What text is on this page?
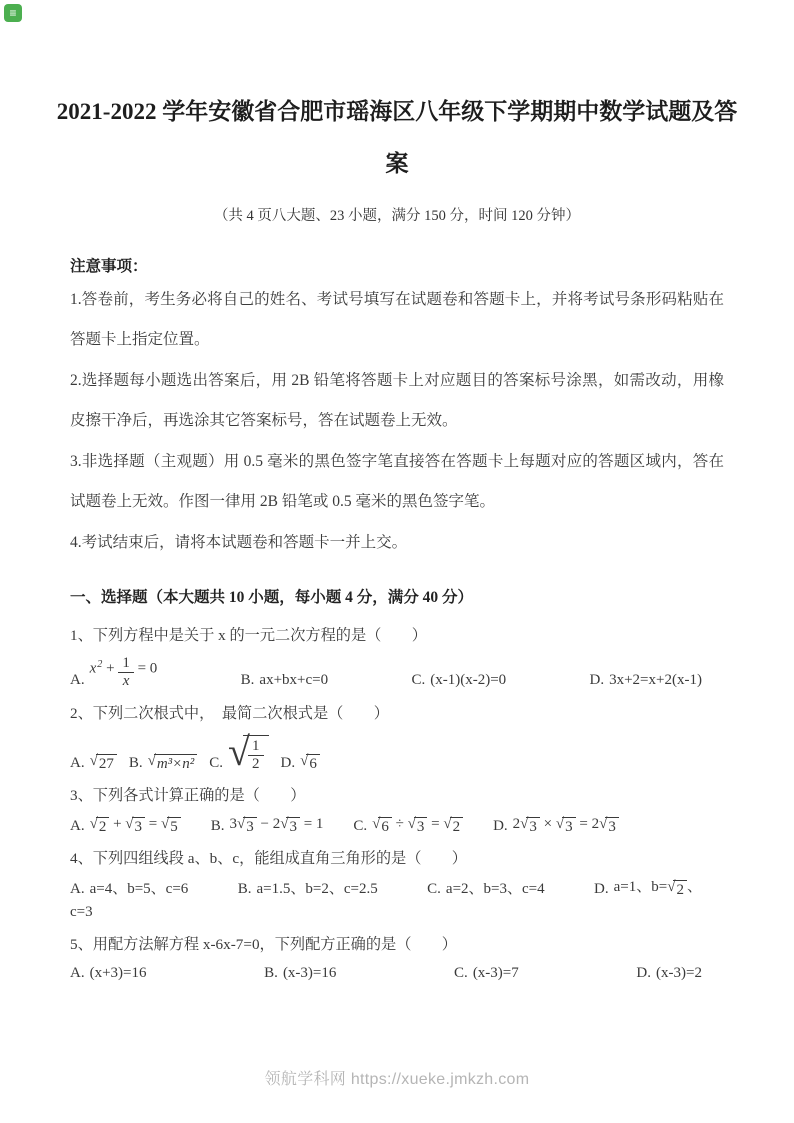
≡
2021-2022 学年安徽省合肥市瑶海区八年级下学期期中数学试题及答案
（共 4 页八大题、23 小题，满分 150 分，时间 120 分钟）

注意事项：

1.答卷前，考生务必将自己的姓名、考试号填写在试题卷和答题卡上，并将考试号条形码粘贴在答题卡上指定位置。

2.选择题每小题选出答案后，用 2B 铅笔将答题卡上对应题目的答案标号涂黑，如需改动，用橡皮擦干净后，再选涂其它答案标号，答在试题卷上无效。

3.非选择题（主观题）用 0.5 毫米的黑色签字笔直接答在答题卡上每题对应的答题区域内，答在试题卷上无效。作图一律用 2B 铅笔或 0.5 毫米的黑色签字笔。

4.考试结束后，请将本试题卷和答题卡一并上交。

一、选择题（本大题共 10 小题，每小题 4 分，满分 40 分）

1、下列方程中是关于 x 的一元二次方程的是（　　）

A.
$x^2 + \frac{1}{x} = 0$
B. ax+bx+c=0	C. (x-1)(x-2)=0	D. 3x+2=x+2(x-1)

2、下列二次根式中，　最简二次根式是（　　）

A. √ 27 B. √ m³×n² C. √
$\frac{1}{2} D$. √ 6

3、下列各式计算正确的是（　　）

A. √ 2 + √ 3 = √ 5 B. 3 √ 3 − 2 √ 3 = 1 C. √ 6 ÷ √ 3 = √ 2 D. 2 √ 3 × √ 3 = 2 √ 3

4、下列四组线段 a、b、c，能组成直角三角形的是（　　）

A. a=4、b=5、c=6	B. a=1.5、b=2、c=2.5	C. a=2、b=3、c=4	D. a=1、b= √ 2 、
c=3

5、用配方法解方程 x-6x-7=0，下列配方正确的是（　　）

A. (x+3)=16	B. (x-3)=16	C. (x-3)=7	D. (x-3)=2
领航学科网 https://xueke.jmkzh.com
